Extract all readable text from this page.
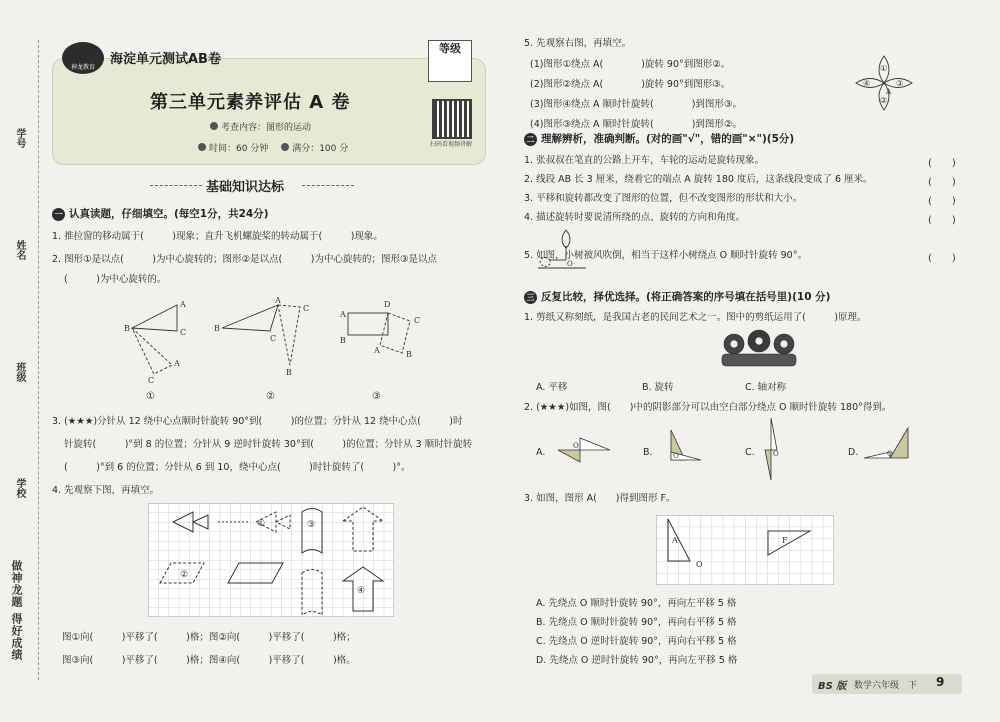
学号
姓名
班级
学校
做神龙题 得好成绩
神龙教育
海淀单元测试AB卷
等级
第三单元素养评估 A 卷
考查内容：图形的运动
时间：60 分钟	满分：100 分	扫码看视频讲解
基础知识达标
一 认真读题，仔细填空。(每空1分，共24分)
1. 推拉窗的移动属于(　　　)现象；直升飞机螺旋桨的转动属于(　　　)现象。
2. 图形①是以点(　　　)为中心旋转的；图形②是以点(　　　)为中心旋转的；图形③是以点
(　　　)为中心旋转的。
B
A
C
A
C
B
A
C
C
B
A
B
D
C
B
A
①	②	③
3. (★★★)分针从 12 绕中心点顺时针旋转 90°到(　　　)的位置；分针从 12 绕中心点(　　　)时
针旋转(　　　)°到 8 的位置；分针从 9 逆时针旋转 30°到(　　　)的位置；分针从 3 顺时针旋转
(　　　)°到 6 的位置；分针从 6 到 10，绕中心点(　　　)时针旋转了(　　　)°。
4. 先观察下图，再填空。
①
②
③
④
图①向(　　　)平移了(　　　)格；图②向(　　　)平移了(　　　)格；
图③向(　　　)平移了(　　　)格；图④向(　　　)平移了(　　　)格。
5. 先观察右图，再填空。
(1)图形①绕点 A(　　　　)旋转 90°到图形②。
(2)图形②绕点 A(　　　　)旋转 90°到图形③。
(3)图形④绕点 A 顺时针旋转(　　　　)到图形③。
(4)图形③绕点 A 顺时针旋转(　　　　)到图形②。
①
②
③
④
A
二 理解辨析，准确判断。(对的画"√"，错的画"×")(5分)
1. 张叔叔在笔直的公路上开车，车轮的运动是旋转现象。	(　　)
2. 线段 AB 长 3 厘米，绕着它的端点 A 旋转 180 度后，这条线段变成了 6 厘米。	(　　)
3. 平移和旋转都改变了图形的位置，但不改变图形的形状和大小。	(　　)
4. 描述旋转时要说清所绕的点、旋转的方向和角度。	(　　)
O
5. 如图，小树被风吹倒，相当于这样小树绕点 O 顺时针旋转 90°。	(　　)
三 反复比较，择优选择。(将正确答案的序号填在括号里)(10 分)
1. 剪纸又称刻纸，是我国古老的民间艺术之一。图中的剪纸运用了(　　　)原理。
A. 平移	B. 旋转	C. 轴对称
2. (★★★)如图，图(　　)中的阴影部分可以由空白部分绕点 O 顺时针旋转 180°得到。
A.
O
B.	O	C.	O	D.	O
3. 如图，图形 A(　　)得到图形 F。
A	F
O
A. 先绕点 O 顺时针旋转 90°，再向左平移 5 格
B. 先绕点 O 顺时针旋转 90°，再向右平移 5 格
C. 先绕点 O 逆时针旋转 90°，再向右平移 5 格
D. 先绕点 O 逆时针旋转 90°，再向左平移 5 格
BS 版 数学六年级　下 9
